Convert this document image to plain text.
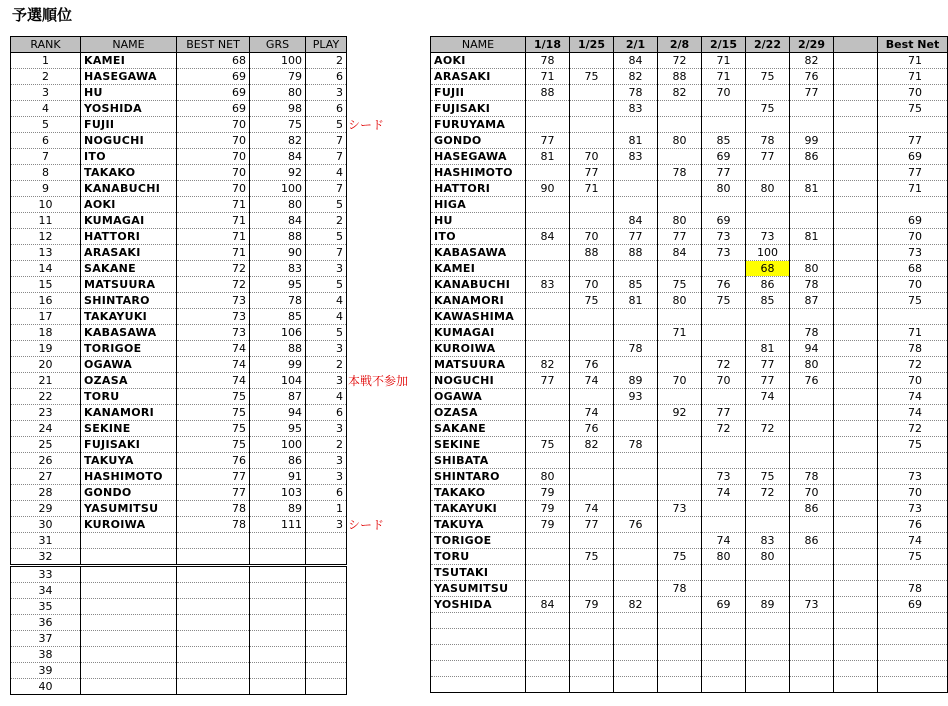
予選順位
RANK	NAME	BEST NET	GRS	PLAY
1	KAMEI	68	100	2
2	HASEGAWA	69	79	6
3	HU	69	80	3
4	YOSHIDA	69	98	6
5	FUJII	70	75	5
6	NOGUCHI	70	82	7
7	ITO	70	84	7
8	TAKAKO	70	92	4
9	KANABUCHI	70	100	7
10	AOKI	71	80	5
11	KUMAGAI	71	84	2
12	HATTORI	71	88	5
13	ARASAKI	71	90	7
14	SAKANE	72	83	3
15	MATSUURA	72	95	5
16	SHINTARO	73	78	4
17	TAKAYUKI	73	85	4
18	KABASAWA	73	106	5
19	TORIGOE	74	88	3
20	OGAWA	74	99	2
21	OZASA	74	104	3
22	TORU	75	87	4
23	KANAMORI	75	94	6
24	SEKINE	75	95	3
25	FUJISAKI	75	100	2
26	TAKUYA	76	86	3
27	HASHIMOTO	77	91	3
28	GONDO	77	103	6
29	YASUMITSU	78	89	1
30	KUROIWA	78	111	3
31				
32				
33				
34				
35				
36				
37				
38				
39				
40				
シード
本戦不参加
シード
NAME	1/18	1/25	2/1	2/8	2/15	2/22	2/29		Best Net
AOKI	78		84	72	71		82		71
ARASAKI	71	75	82	88	71	75	76		71
FUJII	88		78	82	70		77		70
FUJISAKI			83			75			75
FURUYAMA									
GONDO	77		81	80	85	78	99		77
HASEGAWA	81	70	83		69	77	86		69
HASHIMOTO		77		78	77				77
HATTORI	90	71			80	80	81		71
HIGA									
HU			84	80	69				69
ITO	84	70	77	77	73	73	81		70
KABASAWA		88	88	84	73	100			73
KAMEI						68	80		68
KANABUCHI	83	70	85	75	76	86	78		70
KANAMORI		75	81	80	75	85	87		75
KAWASHIMA									
KUMAGAI				71			78		71
KUROIWA			78			81	94		78
MATSUURA	82	76			72	77	80		72
NOGUCHI	77	74	89	70	70	77	76		70
OGAWA			93			74			74
OZASA		74		92	77				74
SAKANE		76			72	72			72
SEKINE	75	82	78						75
SHIBATA									
SHINTARO	80				73	75	78		73
TAKAKO	79				74	72	70		70
TAKAYUKI	79	74		73			86		73
TAKUYA	79	77	76						76
TORIGOE					74	83	86		74
TORU		75		75	80	80			75
TSUTAKI									
YASUMITSU				78					78
YOSHIDA	84	79	82		69	89	73		69
